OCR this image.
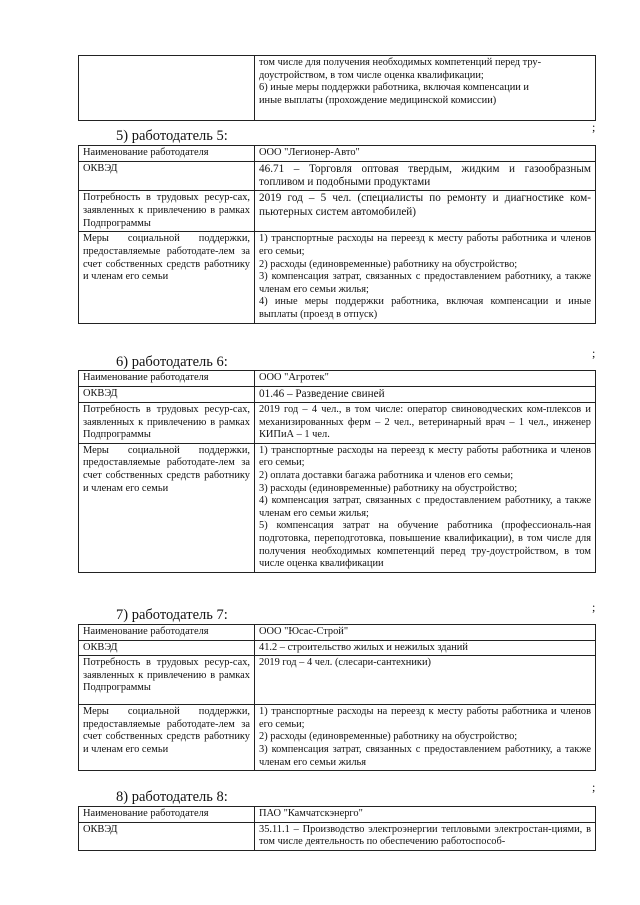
том числе для получения необходимых компетенций перед тру-
доустройством, в том числе оценка квалификации;
6) иные меры поддержки работника, включая компенсации и
иные выплаты (прохождение медицинской комиссии)
;
5) работодатель 5:
Наименование работодателя	ООО "Легионер-Авто"
ОКВЭД	46.71 – Торговля оптовая твердым, жидким и газообразным топливом и подобными продуктами
Потребность в трудовых ресур-сах, заявленных к привлечению в рамках Подпрограммы	2019 год – 5 чел. (специалисты по ремонту и диагностике ком-пьютерных систем автомобилей)
Меры социальной поддержки, предоставляемые работодате-лем за счет собственных средств работнику и членам его семьи	1) транспортные расходы на переезд к месту работы работника и членов его семьи;
2) расходы (единовременные) работнику на обустройство;
3) компенсация затрат, связанных с предоставлением работнику, а также членам его семьи жилья;
4) иные меры поддержки работника, включая компенсации и иные выплаты (проезд в отпуск)
;
6) работодатель 6:
Наименование работодателя	ООО "Агротек"
ОКВЭД	01.46 – Разведение свиней
Потребность в трудовых ресур-сах, заявленных к привлечению в рамках Подпрограммы	2019 год – 4 чел., в том числе: оператор свиноводческих ком-плексов и механизированных ферм – 2 чел., ветеринарный врач – 1 чел., инженер КИПиА – 1 чел.
Меры социальной поддержки, предоставляемые работодате-лем за счет собственных средств работнику и членам его семьи	1) транспортные расходы на переезд к месту работы работника и членов его семьи;
2) оплата доставки багажа работника и членов его семьи;
3) расходы (единовременные) работнику на обустройство;
4) компенсация затрат, связанных с предоставлением работнику, а также членам его семьи жилья;
5) компенсация затрат на обучение работника (профессиональ-ная подготовка, переподготовка, повышение квалификации), в том числе для получения необходимых компетенций перед тру-доустройством, в том числе оценка квалификации
;
7) работодатель 7:
Наименование работодателя	ООО "Юсас-Строй"
ОКВЭД	41.2 – строительство жилых и нежилых зданий
Потребность в трудовых ресур-сах, заявленных к привлечению в рамках Подпрограммы	2019 год – 4 чел. (слесари-сантехники)
Меры социальной поддержки, предоставляемые работодате-лем за счет собственных средств работнику и членам его семьи	1) транспортные расходы на переезд к месту работы работника и членов его семьи;
2) расходы (единовременные) работнику на обустройство;
3) компенсация затрат, связанных с предоставлением работнику, а также членам его семьи жилья
;
8) работодатель 8:
Наименование работодателя	ПАО "Камчатскэнерго"
ОКВЭД	35.11.1 – Производство электроэнергии тепловыми электростан-циями, в том числе деятельность по обеспечению работоспособ-
